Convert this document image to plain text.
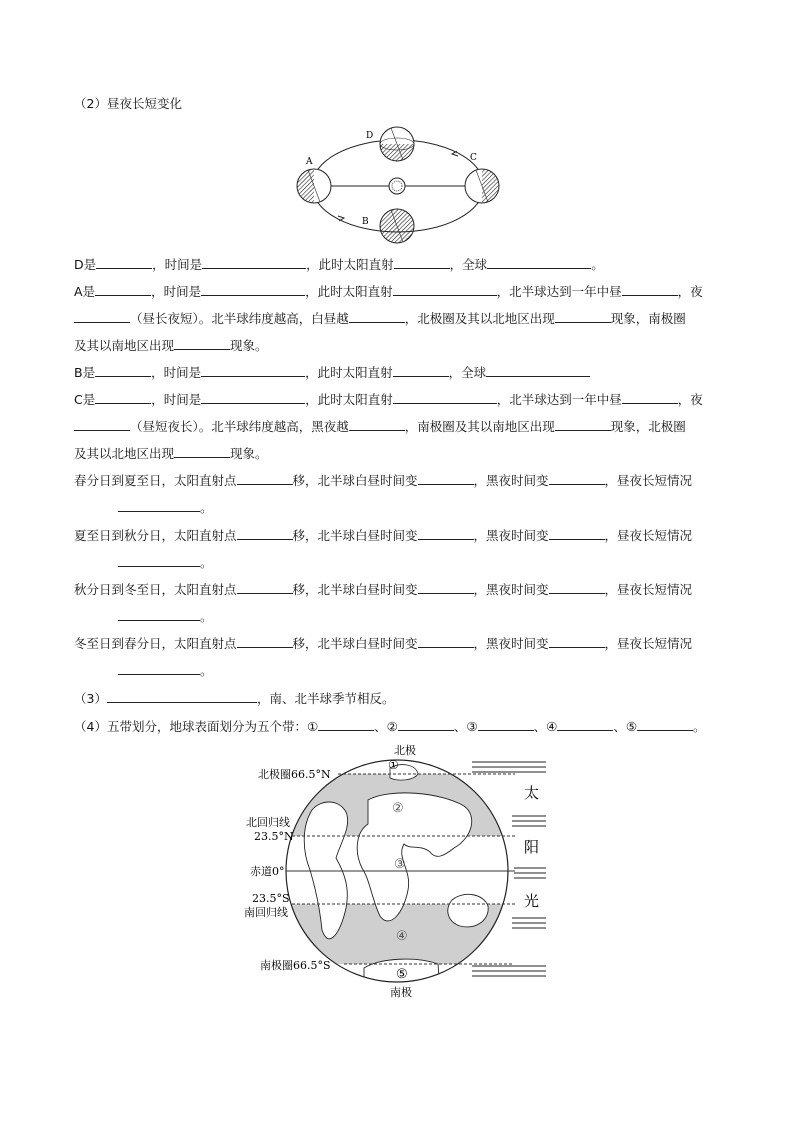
（2）昼夜长短变化
A
B
C
D
D是	，时间是	，此时太阳直射	，全球	。
A是	，时间是	，此时太阳直射	，北半球达到一年中昼	，夜
（昼长夜短）。北半球纬度越高，白昼越	，北极圈及其以北地区出现	现象，南极圈
及其以南地区出现	现象。
B是	，时间是	，此时太阳直射	，全球
C是	，时间是	，此时太阳直射	，北半球达到一年中昼	，夜
（昼短夜长）。北半球纬度越高，黑夜越	，南极圈及其以南地区出现	现象，北极圈
及其以北地区出现	现象。
春分日到夏至日，太阳直射点	移，北半球白昼时间变	，黑夜时间变	，昼夜长短情况
。
夏至日到秋分日，太阳直射点	移，北半球白昼时间变	，黑夜时间变	，昼夜长短情况
。
秋分日到冬至日，太阳直射点	移，北半球白昼时间变	，黑夜时间变	，昼夜长短情况
。
冬至日到春分日，太阳直射点	移，北半球白昼时间变	，黑夜时间变	，昼夜长短情况
。
（3）	，南、北半球季节相反。
（4）五带划分，地球表面划分为五个带：①	、②	、③	、④	、⑤	。
①
②
③
④
⑤
北极
南极
北极圈66.5°N
北回归线
23.5°N
赤道0°
23.5°S
南回归线
南极圈66.5°S
太
阳
光
